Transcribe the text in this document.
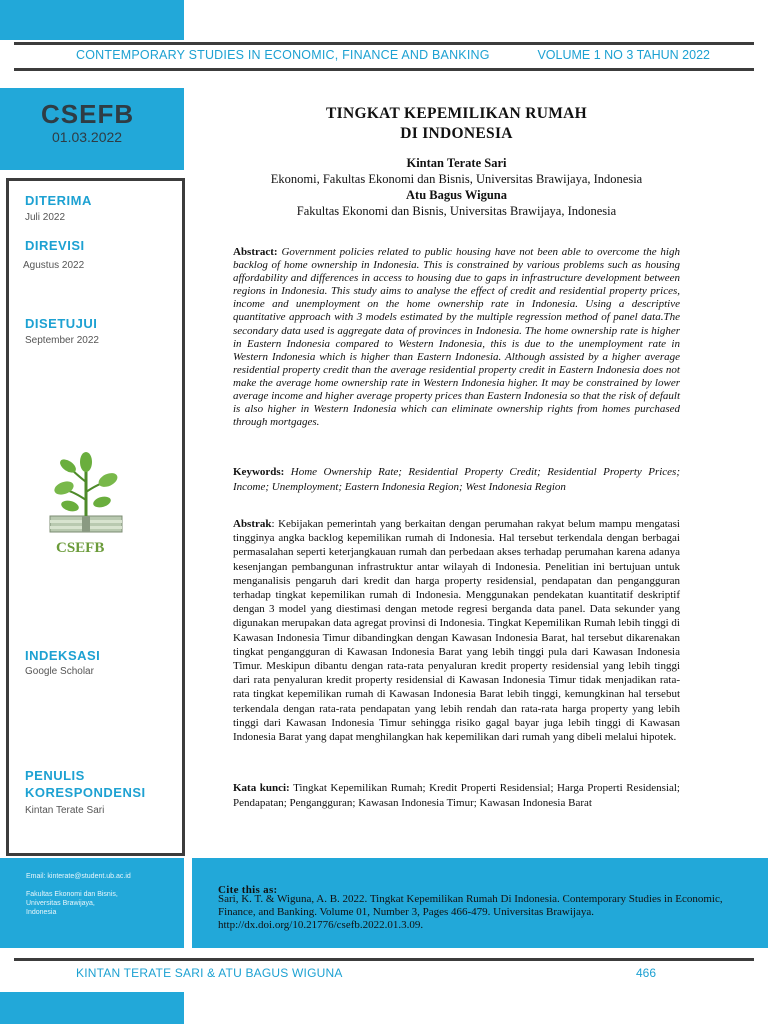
CONTEMPORARY STUDIES IN ECONOMIC, FINANCE AND BANKING	VOLUME 1 NO 3 TAHUN 2022
CSEFB
01.03.2022
DITERIMA
Juli 2022
DIREVISI
Agustus 2022
DISETUJUI
September 2022
CSEFB
INDEKSASI
Google Scholar
PENULIS
KORESPONDENSI
Kintan Terate Sari
Email: kinterate@student.ub.ac.id
Fakultas Ekonomi dan Bisnis,
Universitas Brawijaya,
Indonesia
TINGKAT KEPEMILIKAN RUMAH
DI INDONESIA
Kintan Terate Sari
Ekonomi, Fakultas Ekonomi dan Bisnis, Universitas Brawijaya, Indonesia
Atu Bagus Wiguna
Fakultas Ekonomi dan Bisnis, Universitas Brawijaya, Indonesia
Abstract: Government policies related to public housing have not been able to overcome the high backlog of home ownership in Indonesia. This is constrained by various problems such as housing affordability and differences in access to housing due to gaps in infrastructure development between regions in Indonesia. This study aims to analyse the effect of credit and residential property prices, income and unemployment on the home ownership rate in Indonesia. Using a descriptive quantitative approach with 3 models estimated by the multiple regression method of panel data.The secondary data used is aggregate data of provinces in Indonesia. The home ownership rate is higher in Eastern Indonesia compared to Western Indonesia, this is due to the unemployment rate in Western Indonesia which is higher than Eastern Indonesia. Although assisted by a higher average residential property credit than the average residential property credit in Eastern Indonesia does not make the average home ownership rate in Western Indonesia higher. It may be constrained by lower average income and higher average property prices than Eastern Indonesia so that the risk of default is also higher in Western Indonesia which can eliminate ownership rights from homes purchased through mortgages.
Keywords: Home Ownership Rate; Residential Property Credit; Residential Property Prices; Income; Unemployment; Eastern Indonesia Region; West Indonesia Region
Abstrak: Kebijakan pemerintah yang berkaitan dengan perumahan rakyat belum mampu mengatasi tingginya angka backlog kepemilikan rumah di Indonesia. Hal tersebut terkendala dengan berbagai permasalahan seperti keterjangkauan rumah dan perbedaan akses terhadap perumahan karena adanya kesenjangan pembangunan infrastruktur antar wilayah di Indonesia. Penelitian ini bertujuan untuk menganalisis pengaruh dari kredit dan harga property residensial, pendapatan dan pengangguran terhadap tingkat kepemilikan rumah di Indonesia. Menggunakan pendekatan kuantitatif deskriptif dengan 3 model yang diestimasi dengan metode regresi berganda data panel. Data sekunder yang digunakan merupakan data agregat provinsi di Indonesia. Tingkat Kepemilikan Rumah lebih tinggi di Kawasan Indonesia Timur dibandingkan dengan Kawasan Indonesia Barat, hal tersebut dikarenakan tingkat pengangguran di Kawasan Indonesia Barat yang lebih tinggi pula dari Kawasan Indonesia Timur. Meskipun dibantu dengan rata-rata penyaluran kredit property residensial yang lebih tinggi dari rata penyaluran kredit property residensial di Kawasan Indonesia Timur tidak menjadikan rata-rata tingkat kepemilikan rumah di Kawasan Indonesia Barat lebih tinggi, kemungkinan hal tersebut terkendala dengan rata-rata pendapatan yang lebih rendah dan rata-rata harga property yang lebih tinggi dari Kawasan Indonesia Timur sehingga risiko gagal bayar juga lebih tinggi di Kawasan Indonesia Barat yang dapat menghilangkan hak kepemilikan dari rumah yang dibeli melalui hipotek.
Kata kunci: Tingkat Kepemilikan Rumah; Kredit Properti Residensial; Harga Properti Residensial; Pendapatan; Pengangguran; Kawasan Indonesia Timur; Kawasan Indonesia Barat
Cite this as:
Sari, K. T. & Wiguna, A. B. 2022. Tingkat Kepemilikan Rumah Di Indonesia. Contemporary Studies in Economic, Finance, and Banking. Volume 01, Number 3, Pages 466-479. Universitas Brawijaya. http://dx.doi.org/10.21776/csefb.2022.01.3.09.
KINTAN TERATE SARI & ATU BAGUS WIGUNA	466
